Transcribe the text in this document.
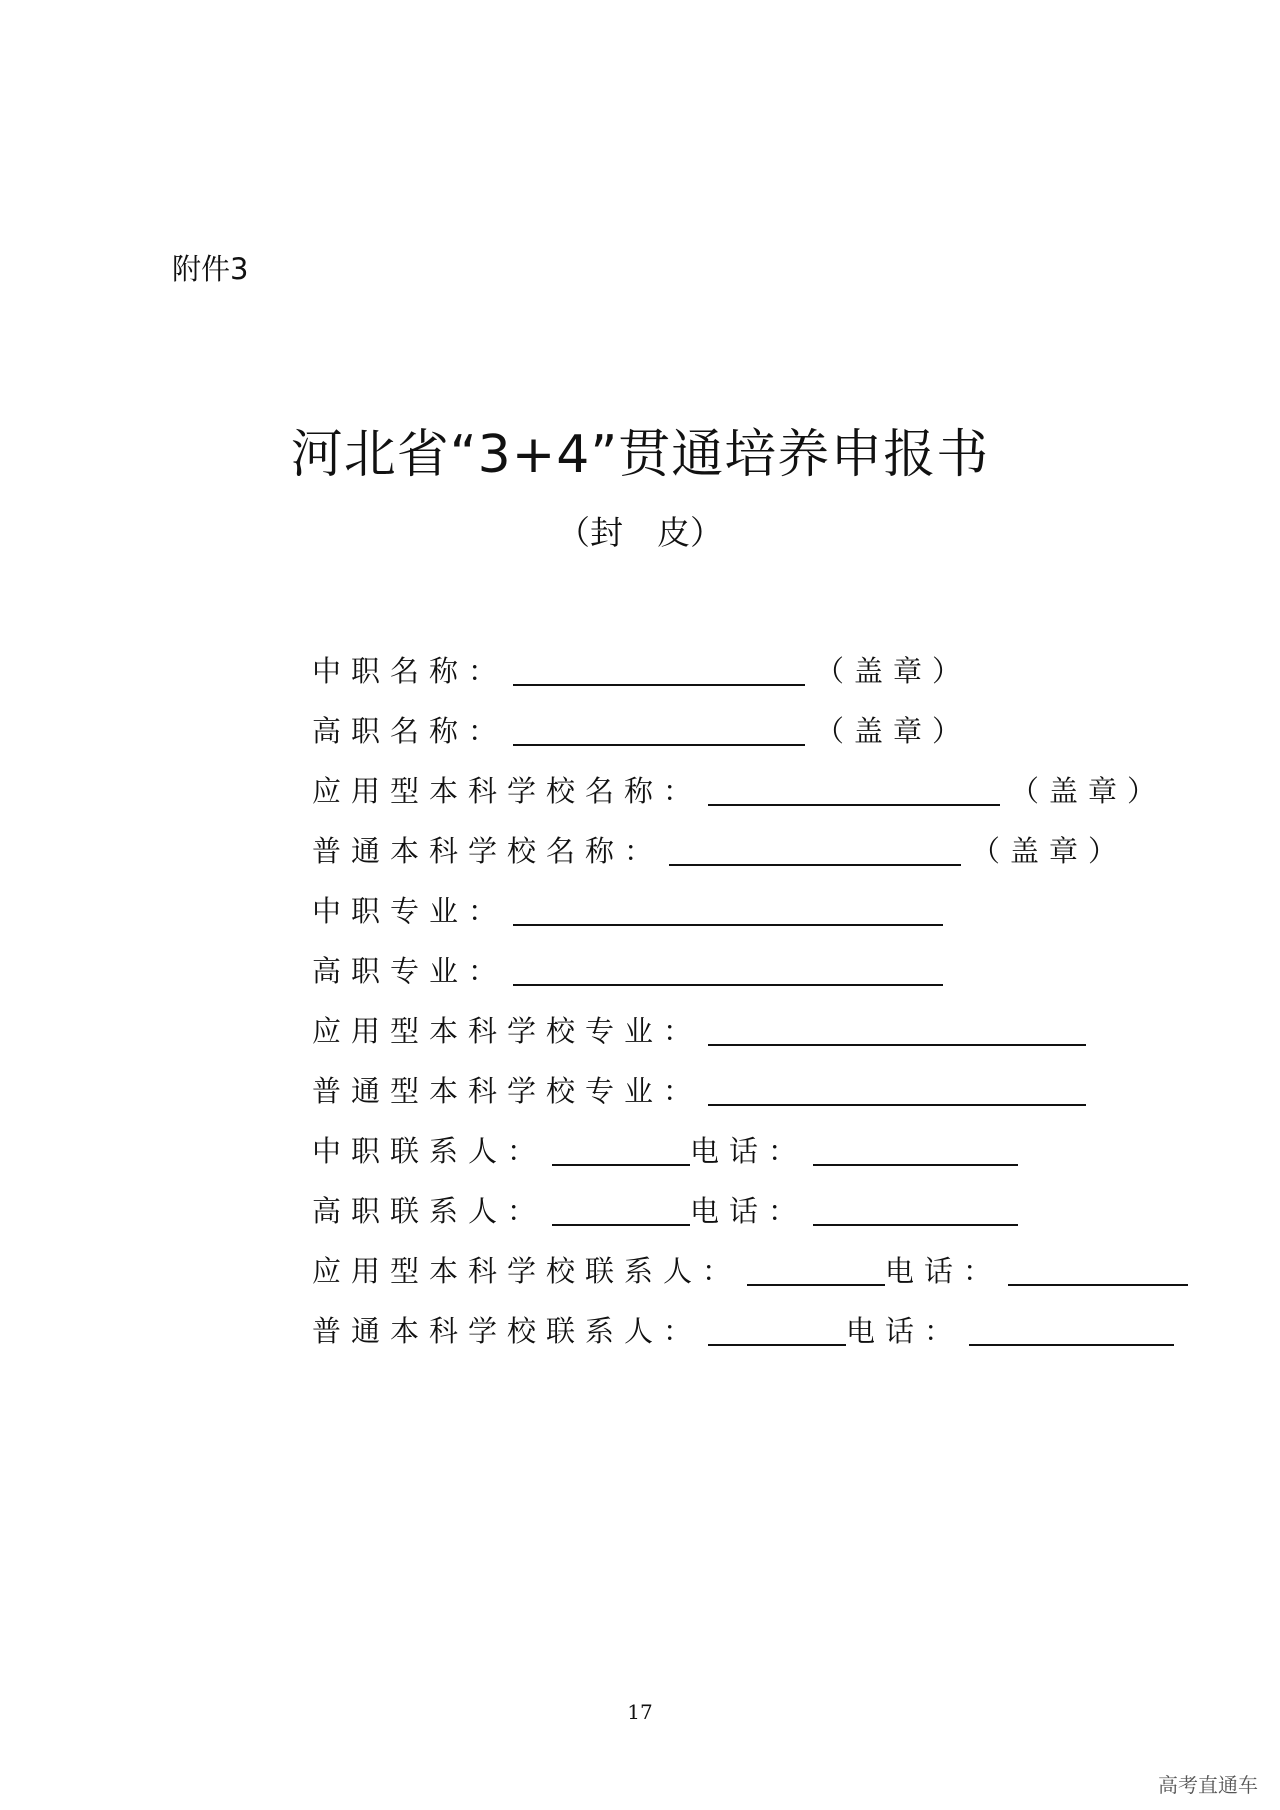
附件3
河北省“3+4”贯通培养申报书
（封 皮）
中职名称 ：	（盖章）
高职名称 ：	（盖章）
应用型本科学校名称 ：	（盖章）
普通本科学校名称 ：	（盖章）
中职专业 ：
高职专业 ：
应用型本科学校专业 ：
普通型本科学校专业 ：
中职联系人 ：	电话 ：
高职联系人 ：	电话 ：
应用型本科学校联系人 ：	电话 ：
普通本科学校联系人 ：	电话 ：
17
高考直通车
